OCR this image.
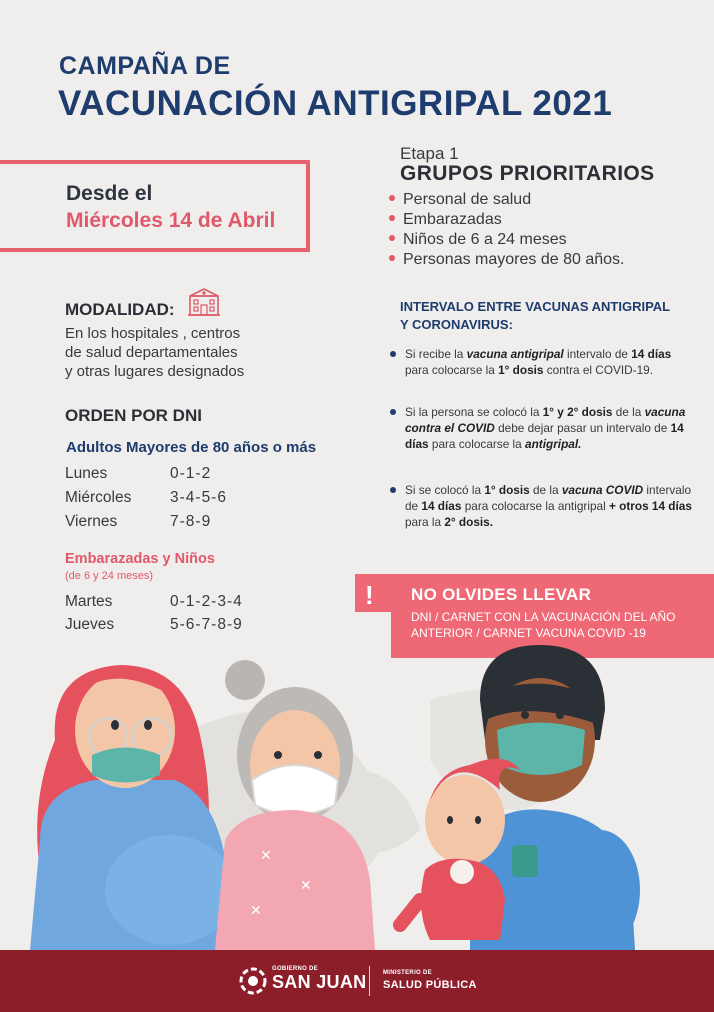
CAMPAÑA DE
VACUNACIÓN ANTIGRIPAL 2021
Desde el
Miércoles 14 de Abril
Etapa 1
GRUPOS PRIORITARIOS
Personal de salud
Embarazadas
Niños de 6 a 24 meses
Personas mayores de 80 años.
MODALIDAD:
En los hospitales , centros
de salud departamentales
y otras lugares designados
ORDEN POR DNI
Adultos Mayores de 80 años o más
Lunes	0-1-2
Miércoles 3-4-5-6
Viernes	7-8-9
Embarazadas y Niños
(de 6 y 24 meses)
Martes	0-1-2-3-4
Jueves	5-6-7-8-9
INTERVALO ENTRE VACUNAS ANTIGRIPAL
Y CORONAVIRUS:
Si recibe la vacuna antigripal intervalo de 14 días para colocarse la 1° dosis contra el COVID-19.
Si la persona se colocó la 1° y 2° dosis de la vacuna contra el COVID debe dejar pasar un intervalo de 14 días para colocarse la antigripal.
Si se colocó la 1° dosis de la vacuna COVID intervalo de 14 días para colocarse la antigripal + otros 14 días para la 2° dosis.
! NO OLVIDES LLEVAR
DNI / CARNET CON LA VACUNACIÓN DEL AÑO ANTERIOR / CARNET VACUNA COVID -19
✕
✕
✕
GOBIERNO DE
SAN JUAN	MINISTERIO DE
SALUD PÚBLICA
